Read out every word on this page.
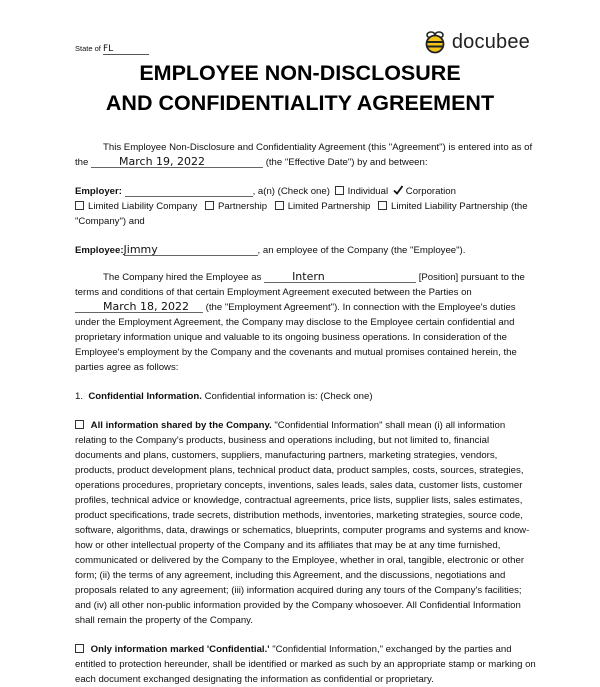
State of FL	docubee
EMPLOYEE NON-DISCLOSURE
AND CONFIDENTIALITY AGREEMENT

This Employee Non-Disclosure and Confidentiality Agreement (this "Agreement") is entered into as of the	March 19, 2022	(the "Effective Date") by and between:

Employer:	, a(n) (Check one) Individual Corporation
Limited Liability Company Partnership Limited Partnership Limited Liability Partnership (the "Company") and

Employee:Jimmy	, an employee of the Company (the "Employee").

The Company hired the Employee as	Intern	[Position] pursuant to the terms and conditions of that certain Employment Agreement executed between the Parties on March 18, 2022 (the "Employment Agreement"). In connection with the Employee's duties under the Employment Agreement, the Company may disclose to the Employee certain confidential and proprietary information unique and valuable to its ongoing business operations. In consideration of the Employee's employment by the Company and the covenants and mutual promises contained herein, the parties agree as follows:

1. Confidential Information. Confidential information is: (Check one)

All information shared by the Company. "Confidential Information" shall mean (i) all information relating to the Company's products, business and operations including, but not limited to, financial documents and plans, customers, suppliers, manufacturing partners, marketing strategies, vendors, products, product development plans, technical product data, product samples, costs, sources, strategies, operations procedures, proprietary concepts, inventions, sales leads, sales data, customer lists, customer profiles, technical advice or knowledge, contractual agreements, price lists, supplier lists, sales estimates, product specifications, trade secrets, distribution methods, inventories, marketing strategies, source code, software, algorithms, data, drawings or schematics, blueprints, computer programs and systems and know-how or other intellectual property of the Company and its affiliates that may be at any time furnished, communicated or delivered by the Company to the Employee, whether in oral, tangible, electronic or other form; (ii) the terms of any agreement, including this Agreement, and the discussions, negotiations and proposals related to any agreement; (iii) information acquired during any tours of the Company's facilities; and (iv) all other non-public information provided by the Company whosoever. All Confidential Information shall remain the property of the Company.

Only information marked 'Confidential.' "Confidential Information," exchanged by the parties and entitled to protection hereunder, shall be identified or marked as such by an appropriate stamp or marking on each document exchanged designating the information as confidential or proprietary.
